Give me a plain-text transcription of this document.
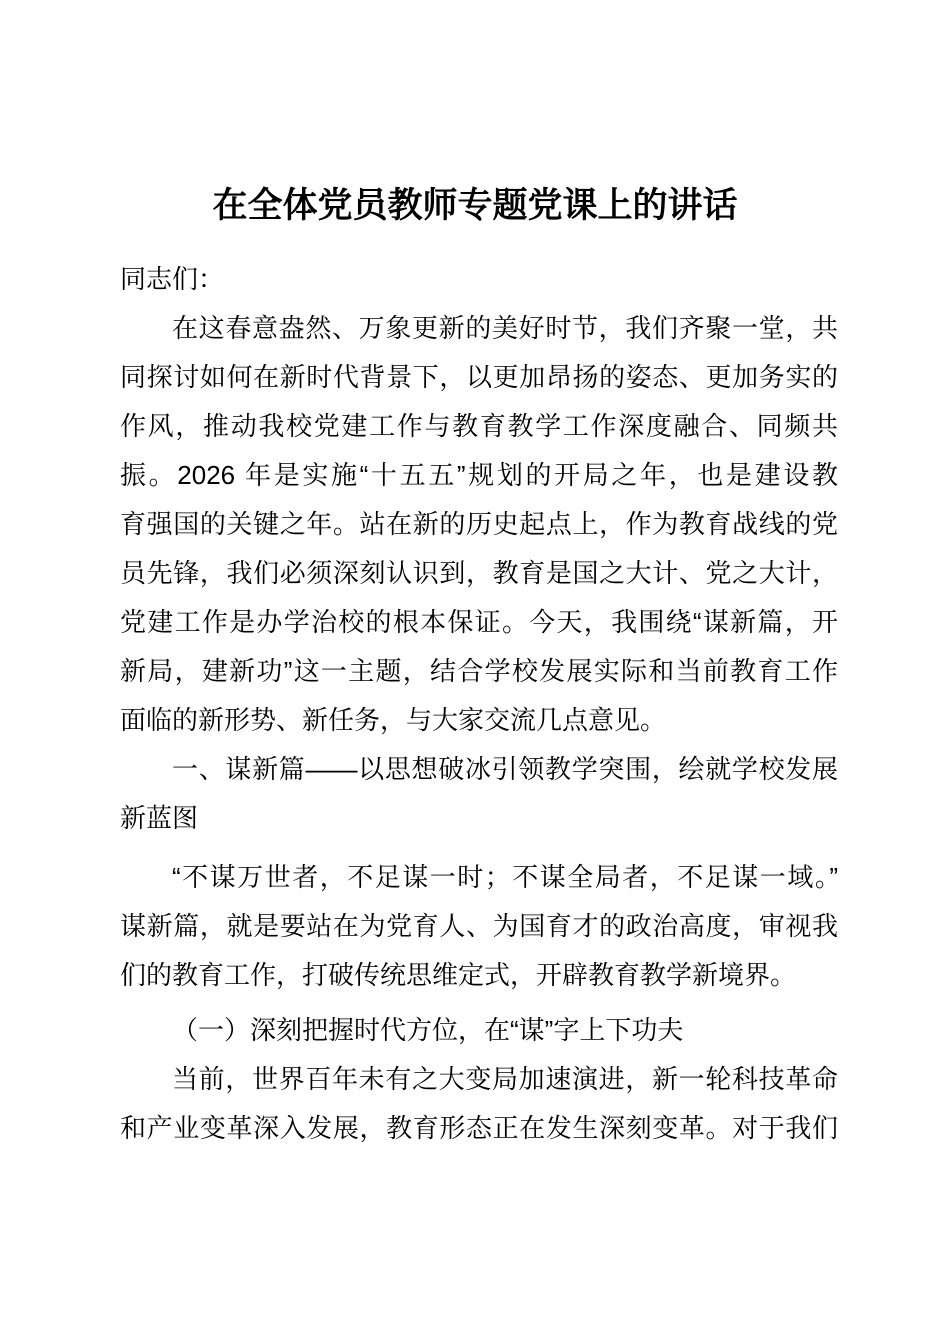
在全体党员教师专题党课上的讲话
同志们：
在这春意盎然、万象更新的美好时节，我们齐聚一堂，共
同探讨如何在新时代背景下，以更加昂扬的姿态、更加务实的
作风，推动我校党建工作与教育教学工作深度融合、同频共
振。2026 年是实施“十五五”规划的开局之年，也是建设教
育强国的关键之年。站在新的历史起点上，作为教育战线的党
员先锋，我们必须深刻认识到，教育是国之大计、党之大计，
党建工作是办学治校的根本保证。今天，我围绕“谋新篇，开
新局，建新功”这一主题，结合学校发展实际和当前教育工作
面临的新形势、新任务，与大家交流几点意见。
一、谋新篇——以思想破冰引领教学突围，绘就学校发展
新蓝图
“不谋万世者，不足谋一时；不谋全局者，不足谋一域。”
谋新篇，就是要站在为党育人、为国育才的政治高度，审视我
们的教育工作，打破传统思维定式，开辟教育教学新境界。
（一）深刻把握时代方位，在“谋”字上下功夫
当前，世界百年未有之大变局加速演进，新一轮科技革命
和产业变革深入发展，教育形态正在发生深刻变革。对于我们
